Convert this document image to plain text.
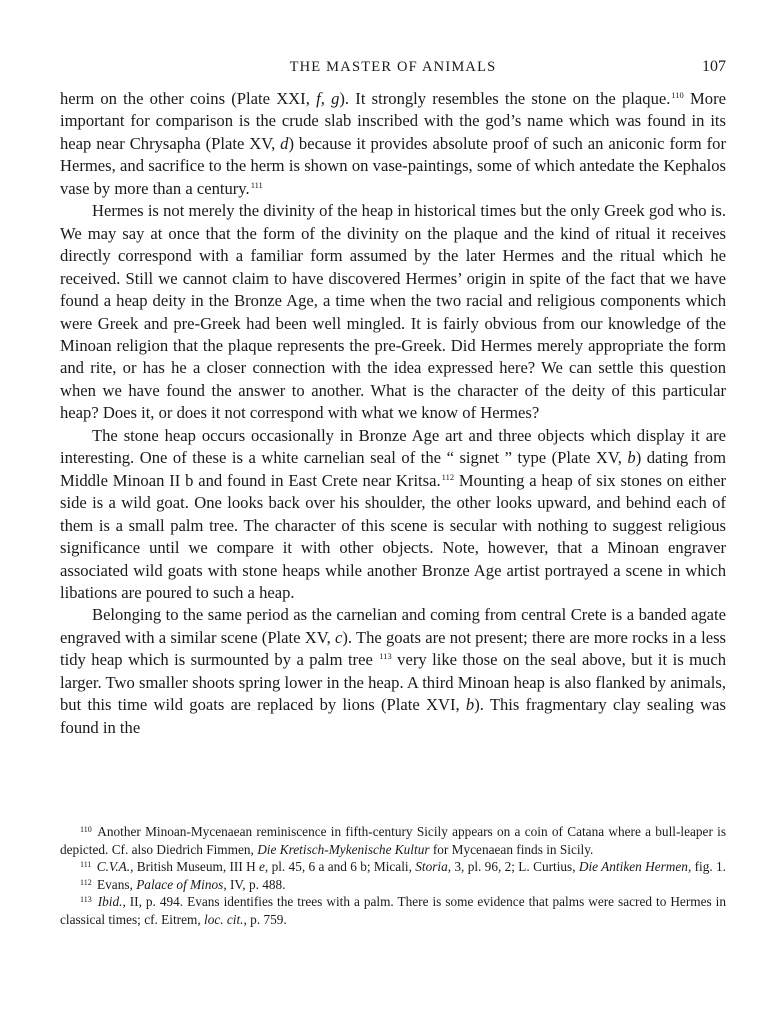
THE MASTER OF ANIMALS	107

herm on the other coins (Plate XXI, f, g). It strongly resembles the stone on the plaque.$^{110}$ More important for comparison is the crude slab inscribed with the god’s name which was found in its heap near Chrysapha (Plate XV, d) because it provides absolute proof of such an aniconic form for Hermes, and sacrifice to the herm is shown on vase-paintings, some of which antedate the Kephalos vase by more than a century.$^{111}$

Hermes is not merely the divinity of the heap in historical times but the only Greek god who is. We may say at once that the form of the divinity on the plaque and the kind of ritual it receives directly correspond with a familiar form assumed by the later Hermes and the ritual which he received. Still we cannot claim to have discovered Hermes’ origin in spite of the fact that we have found a heap deity in the Bronze Age, a time when the two racial and religious components which were Greek and pre-Greek had been well mingled. It is fairly obvious from our knowledge of the Minoan religion that the plaque represents the pre-Greek. Did Hermes merely appropriate the form and rite, or has he a closer connection with the idea expressed here? We can settle this question when we have found the answer to another. What is the character of the deity of this particular heap? Does it, or does it not correspond with what we know of Hermes?

The stone heap occurs occasionally in Bronze Age art and three objects which display it are interesting. One of these is a white carnelian seal of the “ signet ” type (Plate XV, b) dating from Middle Minoan II b and found in East Crete near Kritsa.$^{112}$ Mounting a heap of six stones on either side is a wild goat. One looks back over his shoulder, the other looks upward, and behind each of them is a small palm tree. The character of this scene is secular with nothing to suggest religious significance until we compare it with other objects. Note, however, that a Minoan engraver associated wild goats with stone heaps while another Bronze Age artist portrayed a scene in which libations are poured to such a heap.

Belonging to the same period as the carnelian and coming from central Crete is a banded agate engraved with a similar scene (Plate XV, c). The goats are not present; there are more rocks in a less tidy heap which is surmounted by a palm tree $^{113}$ very like those on the seal above, but it is much larger. Two smaller shoots spring lower in the heap. A third Minoan heap is also flanked by animals, but this time wild goats are replaced by lions (Plate XVI, b). This fragmentary clay sealing was found in the

$^{110}$ Another Minoan-Mycenaean reminiscence in fifth-century Sicily appears on a coin of Catana where a bull-leaper is depicted. Cf. also Diedrich Fimmen, Die Kretisch-Mykenische Kultur for Mycenaean finds in Sicily.

$^{111}$ C.V.A., British Museum, III H e, pl. 45, 6 a and 6 b; Micali, Storia, 3, pl. 96, 2; L. Curtius, Die Antiken Hermen, fig. 1.

$^{112}$ Evans, Palace of Minos, IV, p. 488.

$^{113}$ Ibid., II, p. 494. Evans identifies the trees with a palm. There is some evidence that palms were sacred to Hermes in classical times; cf. Eitrem, loc. cit., p. 759.
